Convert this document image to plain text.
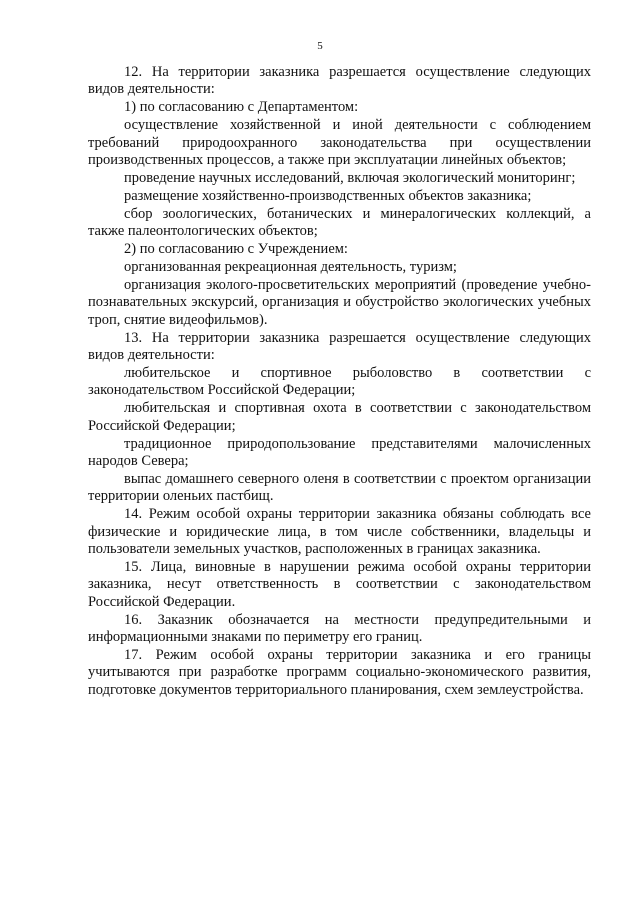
5

12. На территории заказника разрешается осуществление следующих видов деятельности:

1) по согласованию с Департаментом:

осуществление хозяйственной и иной деятельности с соблюдением требований природоохранного законодательства при осуществлении производственных процессов, а также при эксплуатации линейных объектов;

проведение научных исследований, включая экологический мониторинг;

размещение хозяйственно-производственных объектов заказника;

сбор зоологических, ботанических и минералогических коллекций, а также палеонтологических объектов;

2) по согласованию с Учреждением:

организованная рекреационная деятельность, туризм;

организация эколого-просветительских мероприятий (проведение учебно-познавательных экскурсий, организация и обустройство экологических учебных троп, снятие видеофильмов).

13. На территории заказника разрешается осуществление следующих видов деятельности:

любительское и спортивное рыболовство в соответствии с законодательством Российской Федерации;

любительская и спортивная охота в соответствии с законодательством Российской Федерации;

традиционное природопользование представителями малочисленных народов Севера;

выпас домашнего северного оленя в соответствии с проектом организации территории оленьих пастбищ.

14. Режим особой охраны территории заказника обязаны соблюдать все физические и юридические лица, в том числе собственники, владельцы и пользователи земельных участков, расположенных в границах заказника.

15. Лица, виновные в нарушении режима особой охраны территории заказника, несут ответственность в соответствии с законодательством Российской Федерации.

16. Заказник обозначается на местности предупредительными и информационными знаками по периметру его границ.

17. Режим особой охраны территории заказника и его границы учитываются при разработке программ социально-экономического развития, подготовке документов территориального планирования, схем землеустройства.
